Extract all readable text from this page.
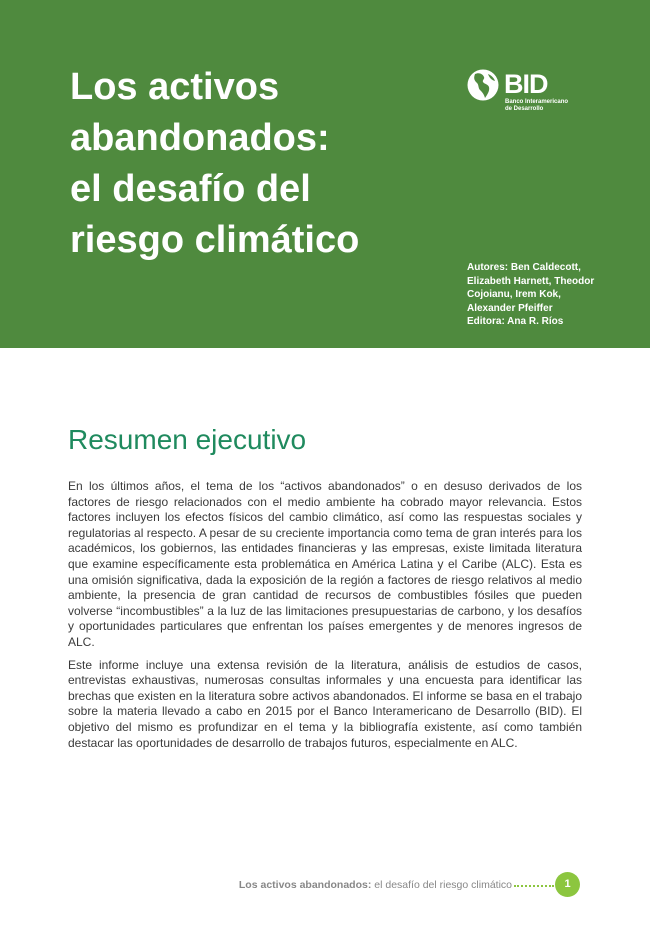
Los activos
abandonados:
el desafío del
riesgo climático
BID
Banco Interamericano
de Desarrollo
Autores: Ben Caldecott,
Elizabeth Harnett, Theodor
Cojoianu, Irem Kok,
Alexander Pfeiffer
Editora: Ana R. Ríos
Resumen ejecutivo

En los últimos años, el tema de los “activos abandonados” o en desuso derivados de los factores de riesgo relacionados con el medio ambiente ha cobrado mayor relevancia. Estos factores incluyen los efectos físicos del cambio climático, así como las respuestas sociales y regulatorias al respecto. A pesar de su creciente importancia como tema de gran interés para los académicos, los gobiernos, las entidades financieras y las empresas, existe limitada literatura que examine específicamente esta problemática en América Latina y el Caribe (ALC). Esta es una omisión significativa, dada la exposición de la región a factores de riesgo relativos al medio ambiente, la presencia de gran cantidad de recursos de combustibles fósiles que pueden volverse “incombustibles” a la luz de las limitaciones presupuestarias de carbono, y los desafíos y oportunidades particulares que enfrentan los países emergentes y de menores ingresos de ALC.

Este informe incluye una extensa revisión de la literatura, análisis de estudios de casos, entrevistas exhaustivas, numerosas consultas informales y una encuesta para identificar las brechas que existen en la literatura sobre activos abandonados. El informe se basa en el trabajo sobre la materia llevado a cabo en 2015 por el Banco Interamericano de Desarrollo (BID). El objetivo del mismo es profundizar en el tema y la bibliografía existente, así como también destacar las oportunidades de desarrollo de trabajos futuros, especialmente en ALC.

Los activos abandonados: el desafío del riesgo climático	1
